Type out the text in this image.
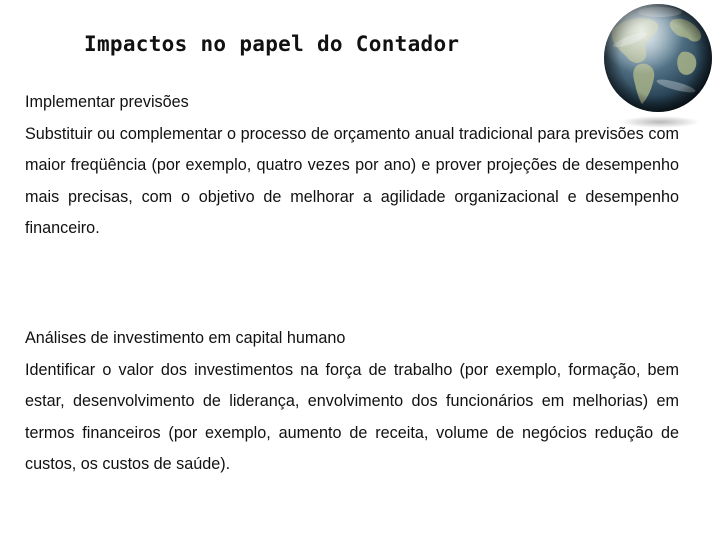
Impactos no papel do Contador
Implementar previsões

Substituir ou complementar o processo de orçamento anual tradicional para previsões com maior freqüência (por exemplo, quatro vezes por ano) e prover projeções de desempenho mais precisas, com o objetivo de melhorar a agilidade organizacional e desempenho financeiro.

Análises de investimento em capital humano

Identificar o valor dos investimentos na força de trabalho (por exemplo, formação, bem estar, desenvolvimento de liderança, envolvimento dos funcionários em melhorias) em termos financeiros (por exemplo, aumento de receita, volume de negócios redução de custos, os custos de saúde).
